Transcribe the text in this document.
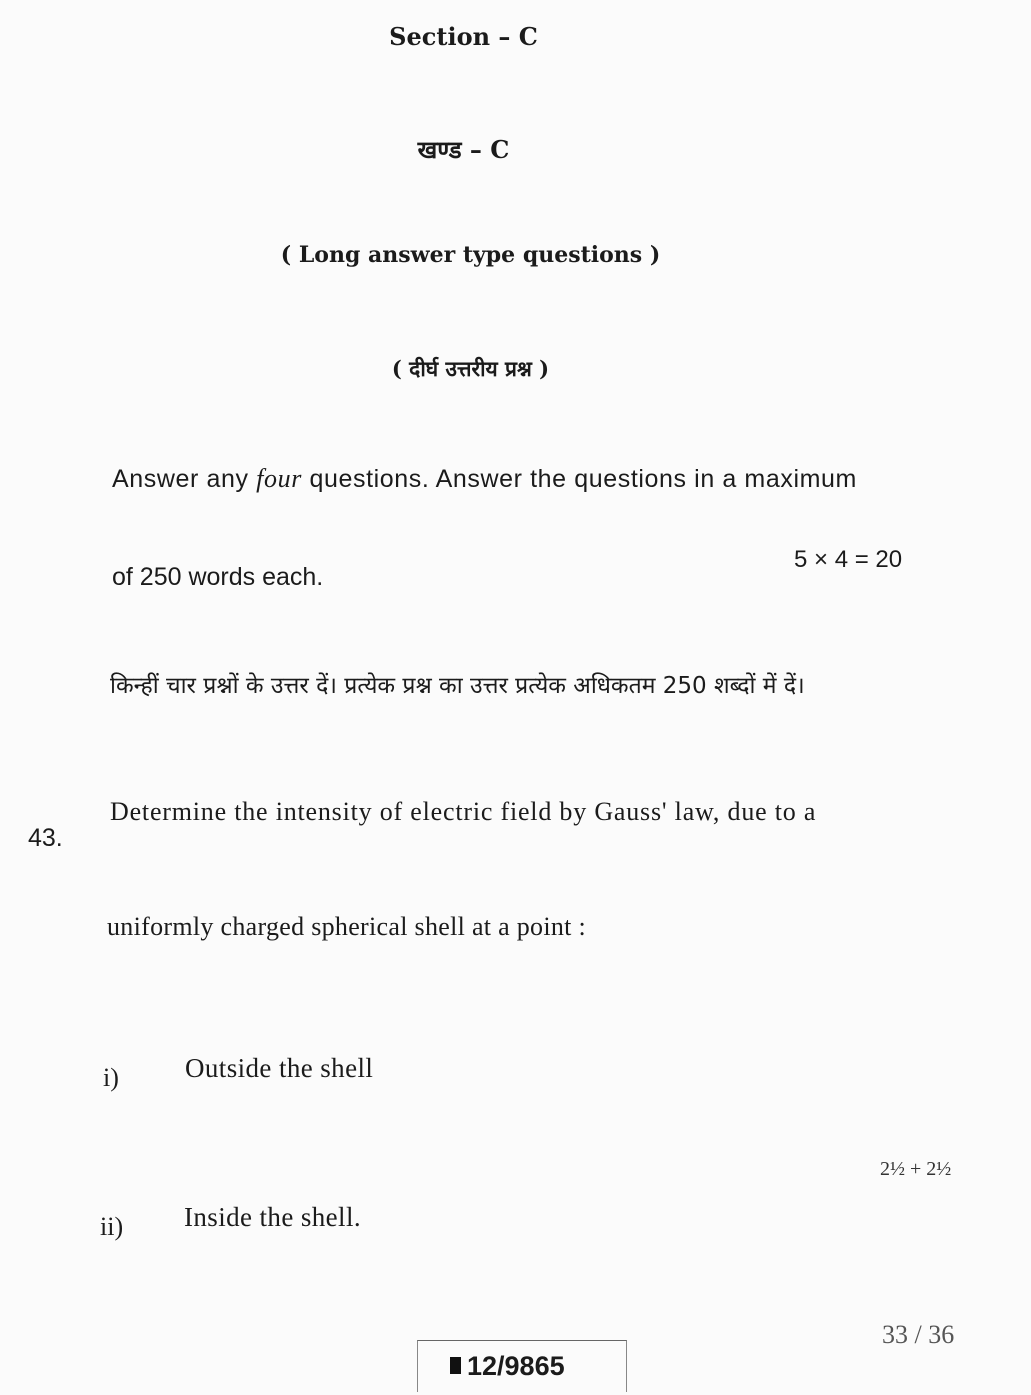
Section – C
खण्ड – C
( Long answer type questions )
( दीर्घ उत्तरीय प्रश्न )
Answer any four questions. Answer the questions in a maximum
of 250 words each.
5 × 4 = 20
किन्हीं चार प्रश्नों के उत्तर दें। प्रत्येक प्रश्न का उत्तर प्रत्येक अधिकतम 250 शब्दों में दें।
43.
Determine the intensity of electric field by Gauss' law, due to a
uniformly charged spherical shell at a point :
i) Outside the shell
ii) Inside the shell.
2½ + 2½
12/9865
33 / 36
